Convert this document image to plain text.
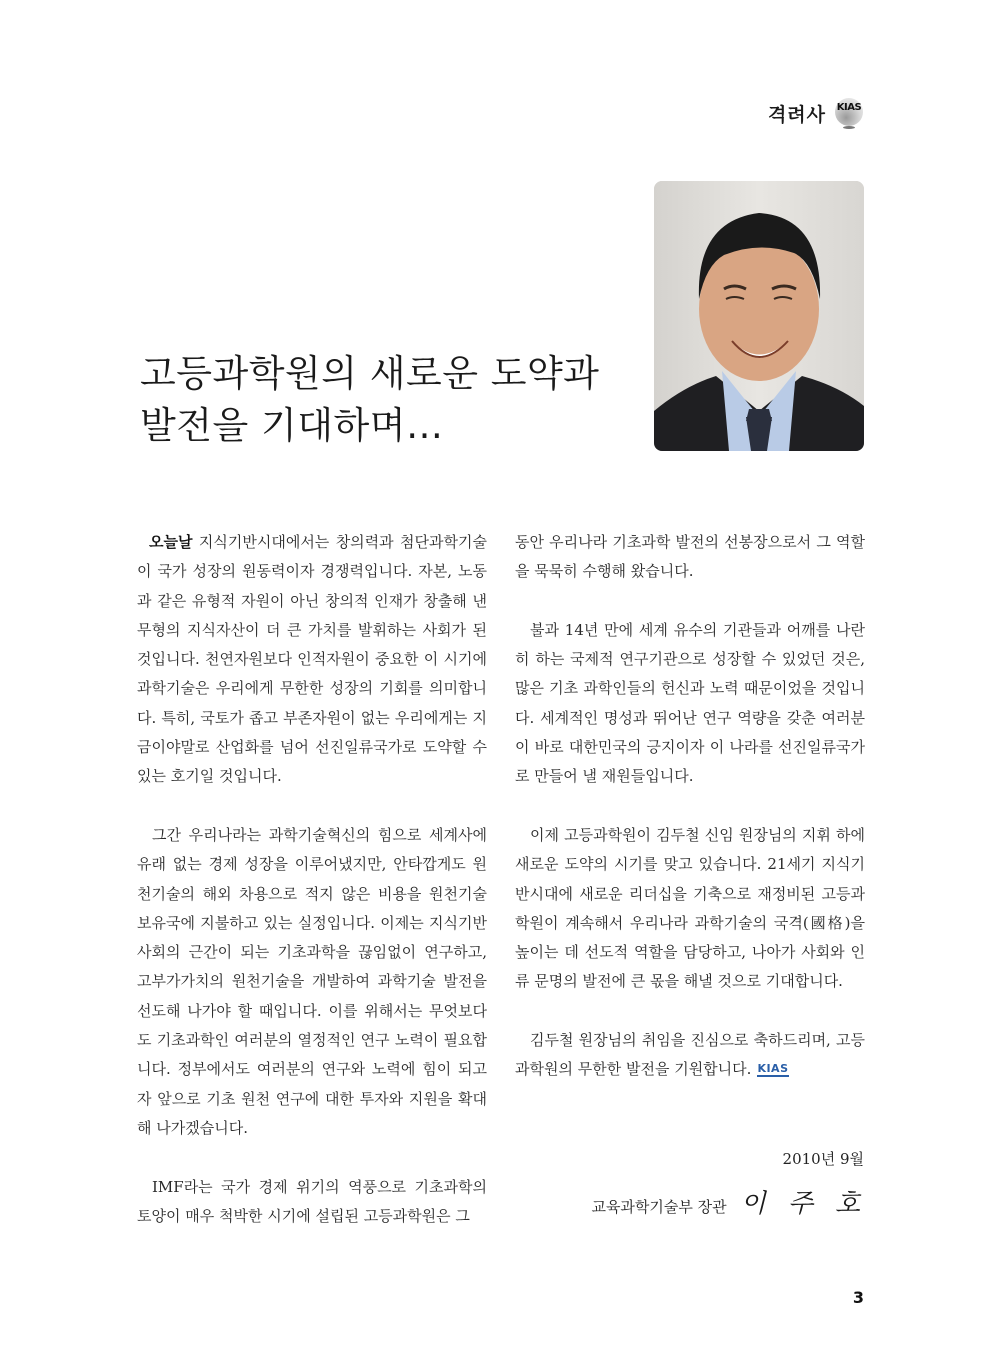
격려사 KIAS
고등과학원의 새로운 도약과
발전을 기대하며…

오늘날 지식기반시대에서는 창의력과 첨단과학기술이 국가 성장의 원동력이자 경쟁력입니다. 자본, 노동과 같은 유형적 자원이 아닌 창의적 인재가 창출해 낸 무형의 지식자산이 더 큰 가치를 발휘하는 사회가 된 것입니다. 천연자원보다 인적자원이 중요한 이 시기에 과학기술은 우리에게 무한한 성장의 기회를 의미합니다. 특히, 국토가 좁고 부존자원이 없는 우리에게는 지금이야말로 산업화를 넘어 선진일류국가로 도약할 수 있는 호기일 것입니다.

그간 우리나라는 과학기술혁신의 힘으로 세계사에 유래 없는 경제 성장을 이루어냈지만, 안타깝게도 원천기술의 해외 차용으로 적지 않은 비용을 원천기술 보유국에 지불하고 있는 실정입니다. 이제는 지식기반사회의 근간이 되는 기초과학을 끊임없이 연구하고, 고부가가치의 원천기술을 개발하여 과학기술 발전을 선도해 나가야 할 때입니다. 이를 위해서는 무엇보다도 기초과학인 여러분의 열정적인 연구 노력이 필요합니다. 정부에서도 여러분의 연구와 노력에 힘이 되고자 앞으로 기초 원천 연구에 대한 투자와 지원을 확대해 나가겠습니다.

IMF라는 국가 경제 위기의 역풍으로 기초과학의 토양이 매우 척박한 시기에 설립된 고등과학원은 그

동안 우리나라 기초과학 발전의 선봉장으로서 그 역할을 묵묵히 수행해 왔습니다.

불과 14년 만에 세계 유수의 기관들과 어깨를 나란히 하는 국제적 연구기관으로 성장할 수 있었던 것은, 많은 기초 과학인들의 헌신과 노력 때문이었을 것입니다. 세계적인 명성과 뛰어난 연구 역량을 갖춘 여러분이 바로 대한민국의 긍지이자 이 나라를 선진일류국가로 만들어 낼 재원들입니다.

이제 고등과학원이 김두철 신임 원장님의 지휘 하에 새로운 도약의 시기를 맞고 있습니다. 21세기 지식기반시대에 새로운 리더십을 기축으로 재정비된 고등과학원이 계속해서 우리나라 과학기술의 국격(國格)을 높이는 데 선도적 역할을 담당하고, 나아가 사회와 인류 문명의 발전에 큰 몫을 해낼 것으로 기대합니다.

김두철 원장님의 취임을 진심으로 축하드리며, 고등과학원의 무한한 발전을 기원합니다. KIAS

2010년 9월
교육과학기술부 장관 이주호
3
